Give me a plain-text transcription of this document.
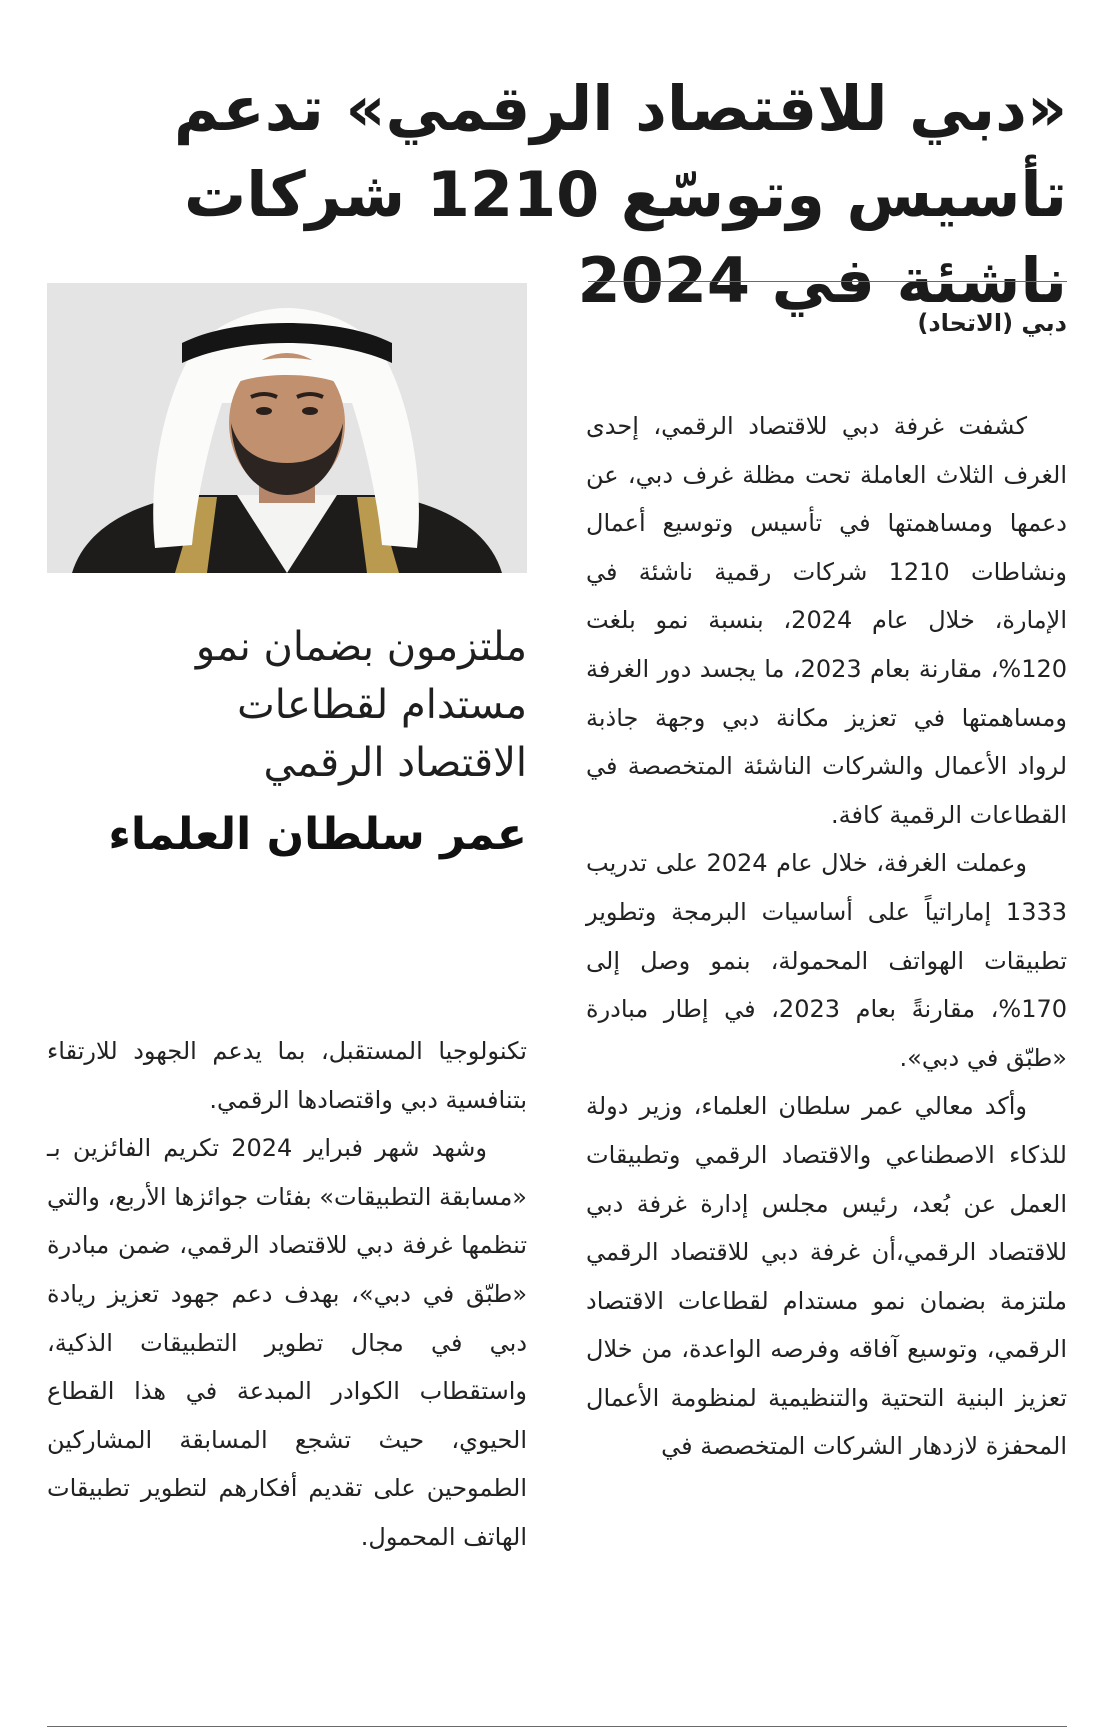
«دبي للاقتصاد الرقمي» تدعم تأسيس وتوسّع 1210 شركات ناشئة في 2024
دبي (الاتحاد)

كشفت غرفة دبي للاقتصاد الرقمي، إحدى الغرف الثلاث العاملة تحت مظلة غرف دبي، عن دعمها ومساهمتها في تأسيس وتوسيع أعمال ونشاطات 1210 شركات رقمية ناشئة في الإمارة، خلال عام 2024، بنسبة نمو بلغت 120%، مقارنة بعام 2023، ما يجسد دور الغرفة ومساهمتها في تعزيز مكانة دبي وجهة جاذبة لرواد الأعمال والشركات الناشئة المتخصصة في القطاعات الرقمية كافة.

وعملت الغرفة، خلال عام 2024 على تدريب 1333 إماراتياً على أساسيات البرمجة وتطوير تطبيقات الهواتف المحمولة، بنمو وصل إلى 170%، مقارنةً بعام 2023، في إطار مبادرة «طبّق في دبي».

وأكد معالي عمر سلطان العلماء، وزير دولة للذكاء الاصطناعي والاقتصاد الرقمي وتطبيقات العمل عن بُعد، رئيس مجلس إدارة غرفة دبي للاقتصاد الرقمي،أن غرفة دبي للاقتصاد الرقمي ملتزمة بضمان نمو مستدام لقطاعات الاقتصاد الرقمي، وتوسيع آفاقه وفرصه الواعدة، من خلال تعزيز البنية التحتية والتنظيمية لمنظومة الأعمال المحفزة لازدهار الشركات المتخصصة في

ملتزمون بضمان نمو
مستدام لقطاعات
الاقتصاد الرقمي
عمر سلطان العلماء

تكنولوجيا المستقبل، بما يدعم الجهود للارتقاء بتنافسية دبي واقتصادها الرقمي.

وشهد شهر فبراير 2024 تكريم الفائزين بـ «مسابقة التطبيقات» بفئات جوائزها الأربع، والتي تنظمها غرفة دبي للاقتصاد الرقمي، ضمن مبادرة «طبّق في دبي»، بهدف دعم جهود تعزيز ريادة دبي في مجال تطوير التطبيقات الذكية، واستقطاب الكوادر المبدعة في هذا القطاع الحيوي، حيث تشجع المسابقة المشاركين الطموحين على تقديم أفكارهم لتطوير تطبيقات الهاتف المحمول.
